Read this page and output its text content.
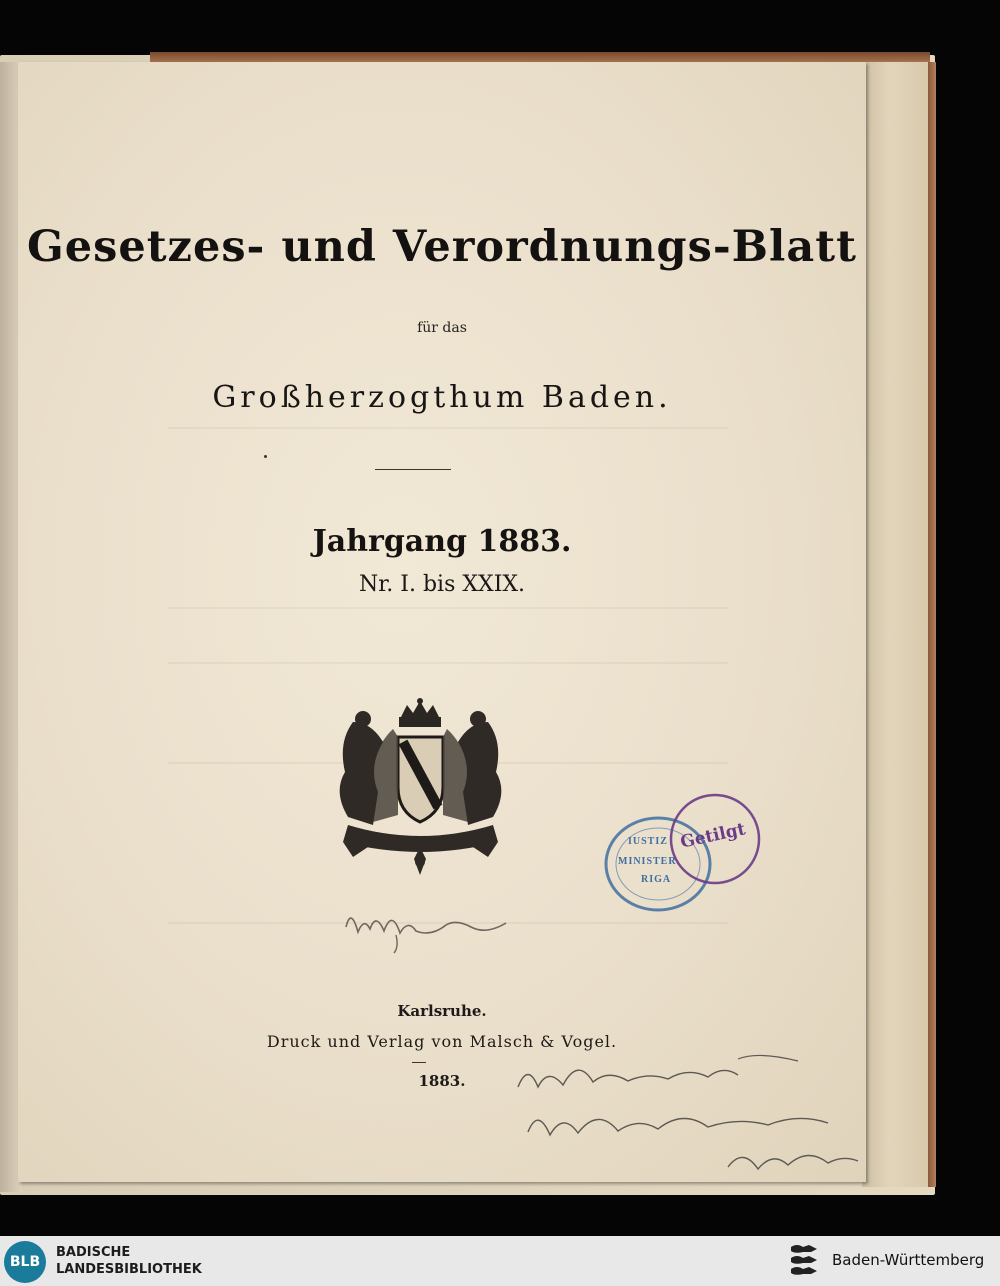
Gesetzes- und Verordnungs-Blatt
für das
Großherzogthum Baden.
Jahrgang 1883.
Nr. I. bis XXIX.
Karlsruhe.
Druck und Verlag von Malsch & Vogel.
1883.
IUSTIZ
MINISTER
RIGA
Getilgt
BLB
BADISCHE
LANDESBIBLIOTHEK
Baden-Württemberg
